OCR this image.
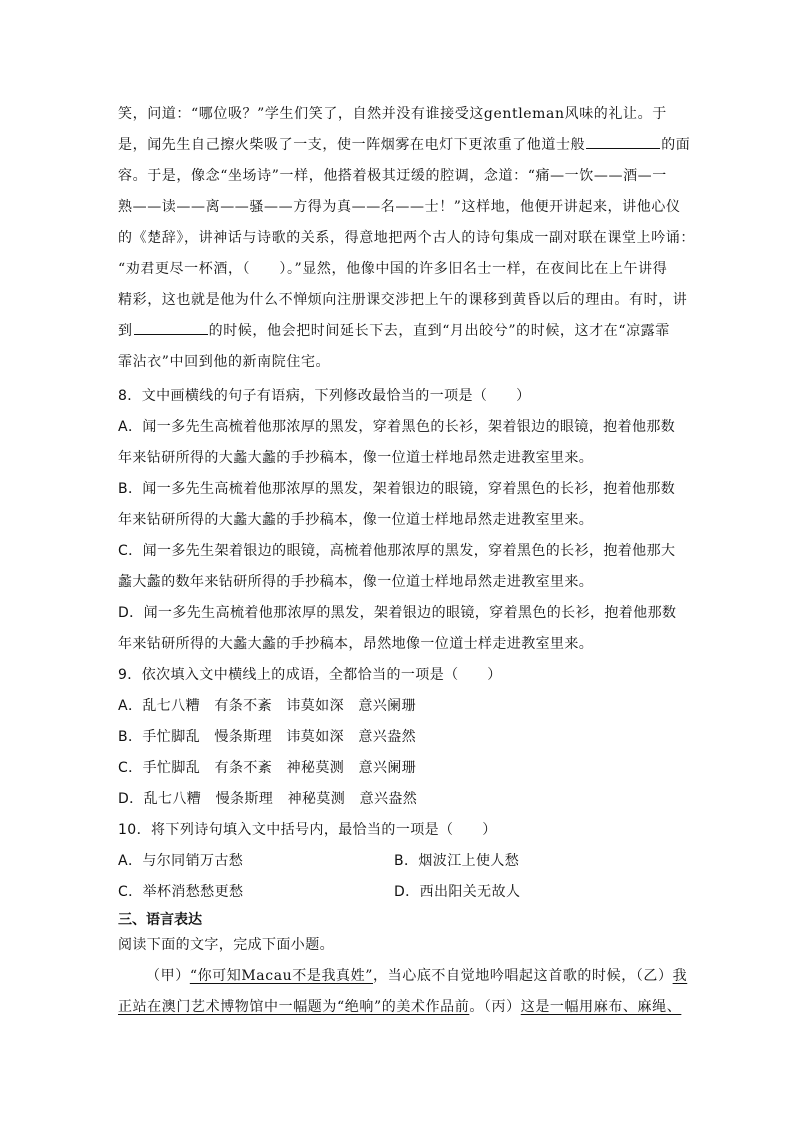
笑，问道：“哪位吸？”学生们笑了，自然并没有谁接受这gentleman风味的礼让。于
是，闻先生自己擦火柴吸了一支，使一阵烟雾在电灯下更浓重了他道士般	的面
容。于是，像念“坐场诗”一样，他搭着极其迂缓的腔调，念道：“痛—一饮——酒—一
熟——读——离——骚——方得为真——名——士！”这样地，他便开讲起来，讲他心仪
的《楚辞》，讲神话与诗歌的关系，得意地把两个古人的诗句集成一副对联在课堂上吟诵：
“劝君更尽一杯酒，（　　）。”显然，他像中国的许多旧名士一样，在夜间比在上午讲得
精彩，这也就是他为什么不惮烦向注册课交涉把上午的课移到黄昏以后的理由。有时，讲
到	的时候，他会把时间延长下去，直到“月出皎兮”的时候，这才在“凉露霏
霏沾衣”中回到他的新南院住宅。
8．文中画横线的句子有语病，下列修改最恰当的一项是（　　）
A．闻一多先生高梳着他那浓厚的黑发，穿着黑色的长衫，架着银边的眼镜，抱着他那数
年来钻研所得的大蠡大蠡的手抄稿本，像一位道士样地昂然走进教室里来。
B．闻一多先生高梳着他那浓厚的黑发，架着银边的眼镜，穿着黑色的长衫，抱着他那数
年来钻研所得的大蠡大蠡的手抄稿本，像一位道士样地昂然走进教室里来。
C．闻一多先生架着银边的眼镜，高梳着他那浓厚的黑发，穿着黑色的长衫，抱着他那大
蠡大蠡的数年来钻研所得的手抄稿本，像一位道士样地昂然走进教室里来。
D．闻一多先生高梳着他那浓厚的黑发，架着银边的眼镜，穿着黑色的长衫，抱着他那数
年来钻研所得的大蠡大蠡的手抄稿本，昂然地像一位道士样走进教室里来。
9．依次填入文中横线上的成语，全都恰当的一项是（　　）
A．乱七八糟　有条不紊　讳莫如深　意兴阑珊
B．手忙脚乱　慢条斯理　讳莫如深　意兴盎然
C．手忙脚乱　有条不紊　神秘莫测　意兴阑珊
D．乱七八糟　慢条斯理　神秘莫测　意兴盎然
10．将下列诗句填入文中括号内，最恰当的一项是（　　）
A．与尔同销万古愁	B．烟波江上使人愁
C．举杯消愁愁更愁	D．西出阳关无故人
三、语言表达
阅读下面的文字，完成下面小题。
（甲）“你可知Macau不是我真姓”，当心底不自觉地吟唱起这首歌的时候，（乙）我
正站在澳门艺术博物馆中一幅题为“绝响”的美术作品前。（丙）这是一幅用麻布、麻绳、
